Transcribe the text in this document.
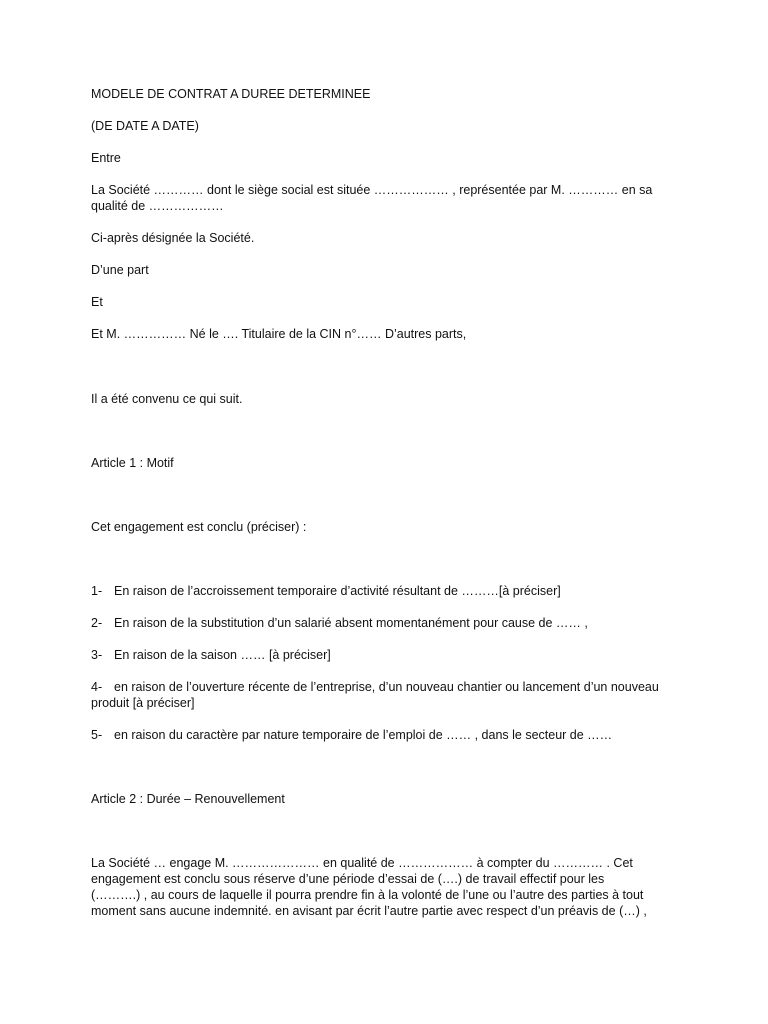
MODELE DE CONTRAT A DUREE DETERMINEE
(DE DATE A DATE)
Entre
La Société ………… dont le siège social est située ……………… , représentée par M. ………… en sa
qualité de ………………
Ci-après désignée la Société.
D’une part
Et
Et M. …………… Né le …. Titulaire de la CIN n°…… D’autres parts,
Il a été convenu ce qui suit.
Article 1 : Motif
Cet engagement est conclu (préciser) :
1- En raison de l’accroissement temporaire d’activité résultant de ………[à préciser]
2- En raison de la substitution d’un salarié absent momentanément pour cause de …… ,
3- En raison de la saison …… [à préciser]
4- en raison de l’ouverture récente de l’entreprise, d’un nouveau chantier ou lancement d’un nouveau
produit [à préciser]
5- en raison du caractère par nature temporaire de l’emploi de …… , dans le secteur de ……
Article 2 : Durée – Renouvellement
La Société … engage M. ………………… en qualité de ……………… à compter du ………… . Cet
engagement est conclu sous réserve d’une période d’essai de (….) de travail effectif pour les
(……….) , au cours de laquelle il pourra prendre fin à la volonté de l’une ou l’autre des parties à tout
moment sans aucune indemnité. en avisant par écrit l’autre partie avec respect d’un préavis de (…) ,
